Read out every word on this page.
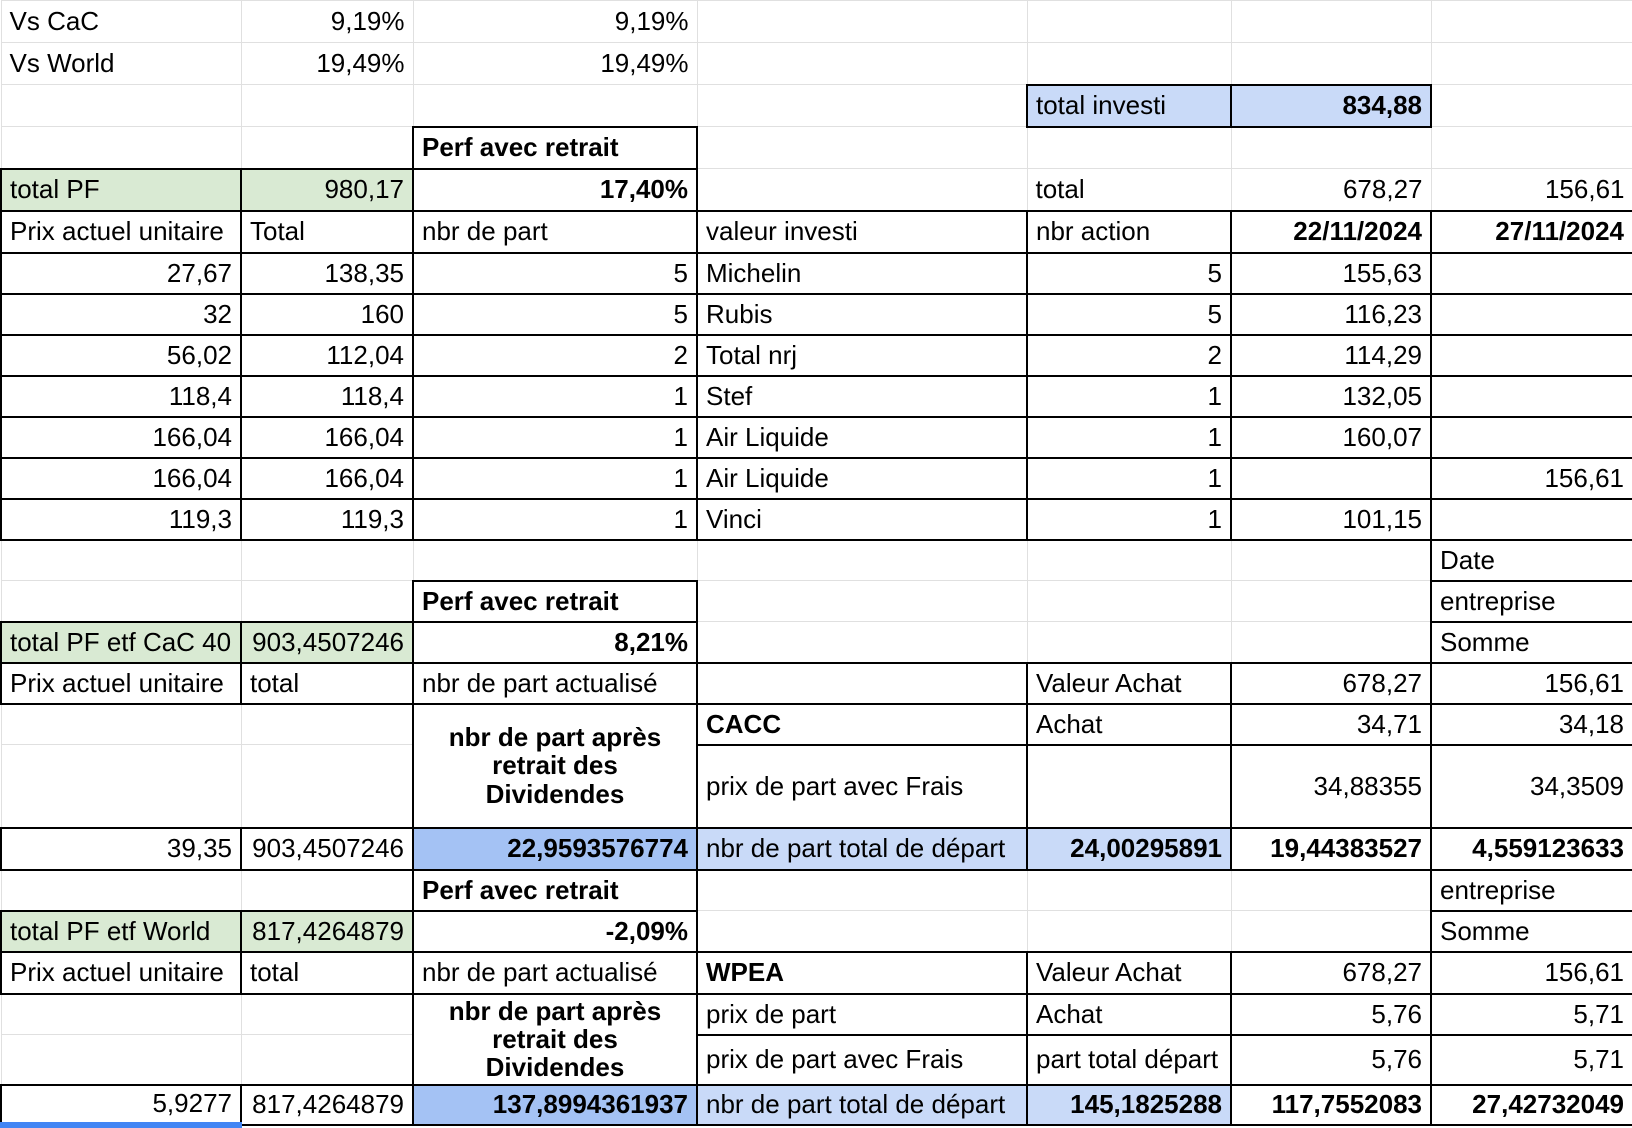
Vs CaC	9,19%	9,19%				
Vs World	19,49%	19,49%				
				total investi	834,88	
		Perf avec retrait				
total PF	980,17	17,40%		total	678,27	156,61
Prix actuel unitaire	Total	nbr de part	valeur investi	nbr action	22/11/2024	27/11/2024
27,67	138,35	5	Michelin	5	155,63	
32	160	5	Rubis	5	116,23	
56,02	112,04	2	Total nrj	2	114,29	
118,4	118,4	1	Stef	1	132,05	
166,04	166,04	1	Air Liquide	1	160,07	
166,04	166,04	1	Air Liquide	1		156,61
119,3	119,3	1	Vinci	1	101,15	
						Date
		Perf avec retrait				entreprise
total PF etf CaC 40	903,4507246	8,21%				Somme
Prix actuel unitaire	total	nbr de part actualisé		Valeur Achat	678,27	156,61
		nbr de part après retrait des Dividendes	CACC	Achat	34,71	34,18
			prix de part avec Frais		34,88355	34,3509
39,35	903,4507246	22,9593576774	nbr de part total de départ	24,00295891	19,44383527	4,559123633
		Perf avec retrait				entreprise
total PF etf World	817,4264879	-2,09%				Somme
Prix actuel unitaire	total	nbr de part actualisé	WPEA	Valeur Achat	678,27	156,61
		nbr de part après retrait des Dividendes	prix de part	Achat	5,76	5,71
			prix de part avec Frais	part total départ	5,76	5,71
5,9277	817,4264879	137,8994361937	nbr de part total de départ	145,1825288	117,7552083	27,42732049
